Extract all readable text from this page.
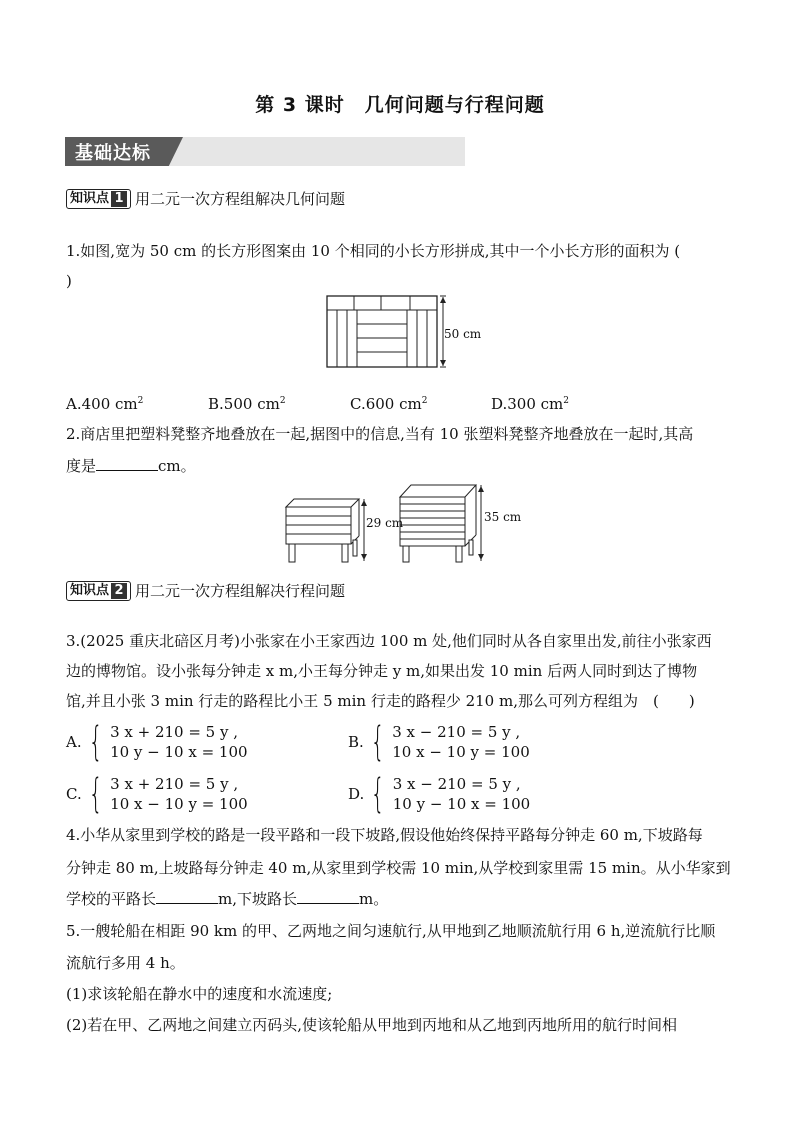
第 3 课时　几何问题与行程问题
基础达标
知识点 1 用二元一次方程组解决几何问题
1.如图,宽为 50 cm 的长方形图案由 10 个相同的小长方形拼成,其中一个小长方形的面积为 (
)
50 cm
A.400 $cm^2$	B.500 $cm^2$	C.600 $cm^2$	D.300 $cm^2$
2.商店里把塑料凳整齐地叠放在一起,据图中的信息,当有 10 张塑料凳整齐地叠放在一起时,其高
度是	cm。
29 cm	35 cm
知识点 2 用二元一次方程组解决行程问题
3.(2025 重庆北碚区月考)小张家在小王家西边 100 m 处,他们同时从各自家里出发,前往小张家西
边的博物馆。设小张每分钟走 x m,小王每分钟走 y m,如果出发 10 min 后两人同时到达了博物
馆,并且小张 3 min 行走的路程比小王 5 min 行走的路程少 210 m,那么可列方程组为　(　　)
A. { 3 x + 210 = 5 y ,
10 y − 10 x = 100
B. { 3 x − 210 = 5 y ,
10 x − 10 y = 100
C. { 3 x + 210 = 5 y ,
10 x − 10 y = 100
D. { 3 x − 210 = 5 y ,
10 y − 10 x = 100
4.小华从家里到学校的路是一段平路和一段下坡路,假设他始终保持平路每分钟走 60 m,下坡路每
分钟走 80 m,上坡路每分钟走 40 m,从家里到学校需 10 min,从学校到家里需 15 min。从小华家到
学校的平路长	m,下坡路长	m。
5.一艘轮船在相距 90 km 的甲、乙两地之间匀速航行,从甲地到乙地顺流航行用 6 h,逆流航行比顺
流航行多用 4 h。
(1)求该轮船在静水中的速度和水流速度;
(2)若在甲、乙两地之间建立丙码头,使该轮船从甲地到丙地和从乙地到丙地所用的航行时间相
